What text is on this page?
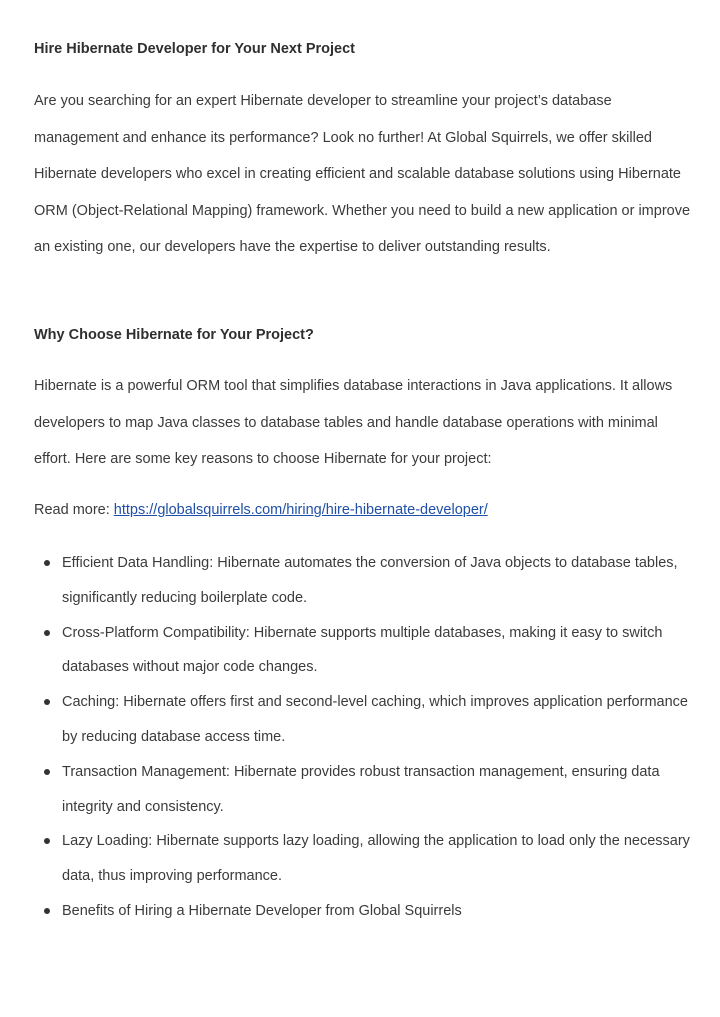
Hire Hibernate Developer for Your Next Project

Are you searching for an expert Hibernate developer to streamline your project’s database management and enhance its performance? Look no further! At Global Squirrels, we offer skilled Hibernate developers who excel in creating efficient and scalable database solutions using Hibernate ORM (Object-Relational Mapping) framework. Whether you need to build a new application or improve an existing one, our developers have the expertise to deliver outstanding results.

Why Choose Hibernate for Your Project?

Hibernate is a powerful ORM tool that simplifies database interactions in Java applications. It allows developers to map Java classes to database tables and handle database operations with minimal effort. Here are some key reasons to choose Hibernate for your project:

Read more: https://globalsquirrels.com/hiring/hire-hibernate-developer/
Efficient Data Handling: Hibernate automates the conversion of Java objects to database tables, significantly reducing boilerplate code.
Cross-Platform Compatibility: Hibernate supports multiple databases, making it easy to switch databases without major code changes.
Caching: Hibernate offers first and second-level caching, which improves application performance by reducing database access time.
Transaction Management: Hibernate provides robust transaction management, ensuring data integrity and consistency.
Lazy Loading: Hibernate supports lazy loading, allowing the application to load only the necessary data, thus improving performance.
Benefits of Hiring a Hibernate Developer from Global Squirrels
